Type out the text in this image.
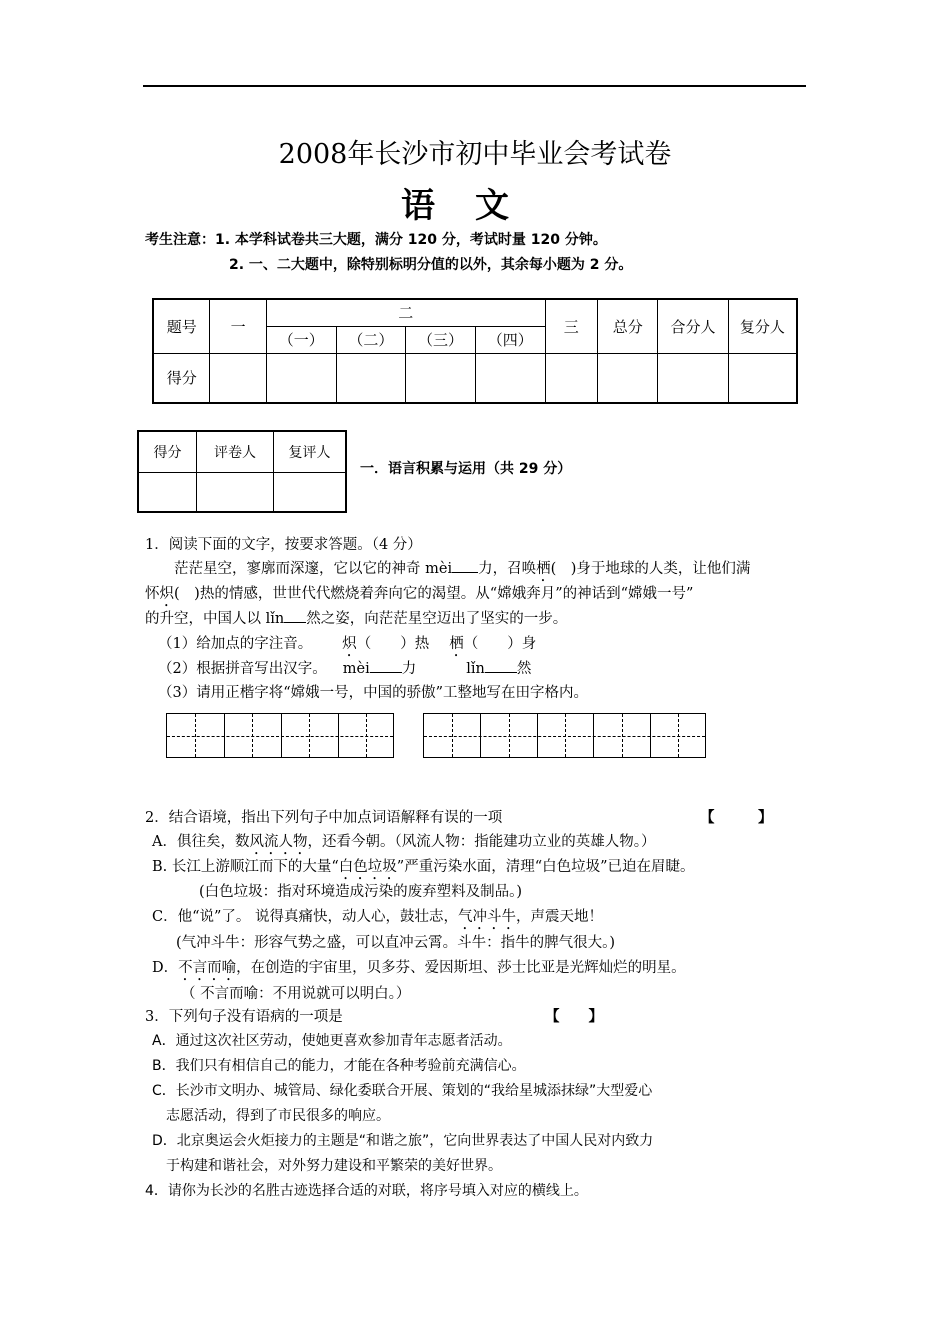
2008年长沙市初中毕业会考试卷
语文
考生注意：1. 本学科试卷共三大题，满分 120 分，考试时量 120 分钟。
2. 一、二大题中，除特别标明分值的以外，其余每小题为 2 分。
题号	一	二				三	总分	合分人	复分人
		（一）	（二）	（三）	（四）				
得分									
得分	评卷人	复评人

一．语言积累与运用（共 29 分）
1．阅读下面的文字，按要求答题。（4 分）
茫茫星空，寥廓而深邃，它以它的神奇 mèi 力，召唤栖(　)身于地球的人类，让他们满
怀炽(　)热的情感，世世代代燃烧着奔向它的渴望。从“嫦娥奔月”的神话到“嫦娥一号”
的升空，中国人以 lǐn 然之姿，向茫茫星空迈出了坚实的一步。
（1）给加点的字注音。 炽（　　）热 栖（　　）身
（2）根据拼音写出汉字。 mèi 力	lǐn 然
（3）请用正楷字将“嫦娥一号，中国的骄傲”工整地写在田字格内。
2．结合语境，指出下列句子中加点词语解释有误的一项	【　　　】
A．俱往矣，数风流人物，还看今朝。（风流人物：指能建功立业的英雄人物。）
B. 长江上游顺江而下的大量“白色垃圾”严重污染水面，清理“白色垃圾”已迫在眉睫。
(白色垃圾：指对环境造成污染的废弃塑料及制品。)
C．他“说”了。 说得真痛快，动人心，鼓壮志，气冲斗牛，声震天地！
(气冲斗牛：形容气势之盛，可以直冲云霄。斗牛：指牛的脾气很大。)
D．不言而喻，在创造的宇宙里，贝多芬、爱因斯坦、莎士比亚是光辉灿烂的明星。
（ 不言而喻：不用说就可以明白。）
3．下列句子没有语病的一项是	【　　】
A．通过这次社区劳动，使她更喜欢参加青年志愿者活动。
B．我们只有相信自己的能力，才能在各种考验前充满信心。
C．长沙市文明办、城管局、绿化委联合开展、策划的“我给星城添抹绿”大型爱心
志愿活动，得到了市民很多的响应。
D．北京奥运会火炬接力的主题是“和谐之旅”，它向世界表达了中国人民对内致力
于构建和谐社会，对外努力建设和平繁荣的美好世界。
4．请你为长沙的名胜古迹选择合适的对联，将序号填入对应的横线上。
